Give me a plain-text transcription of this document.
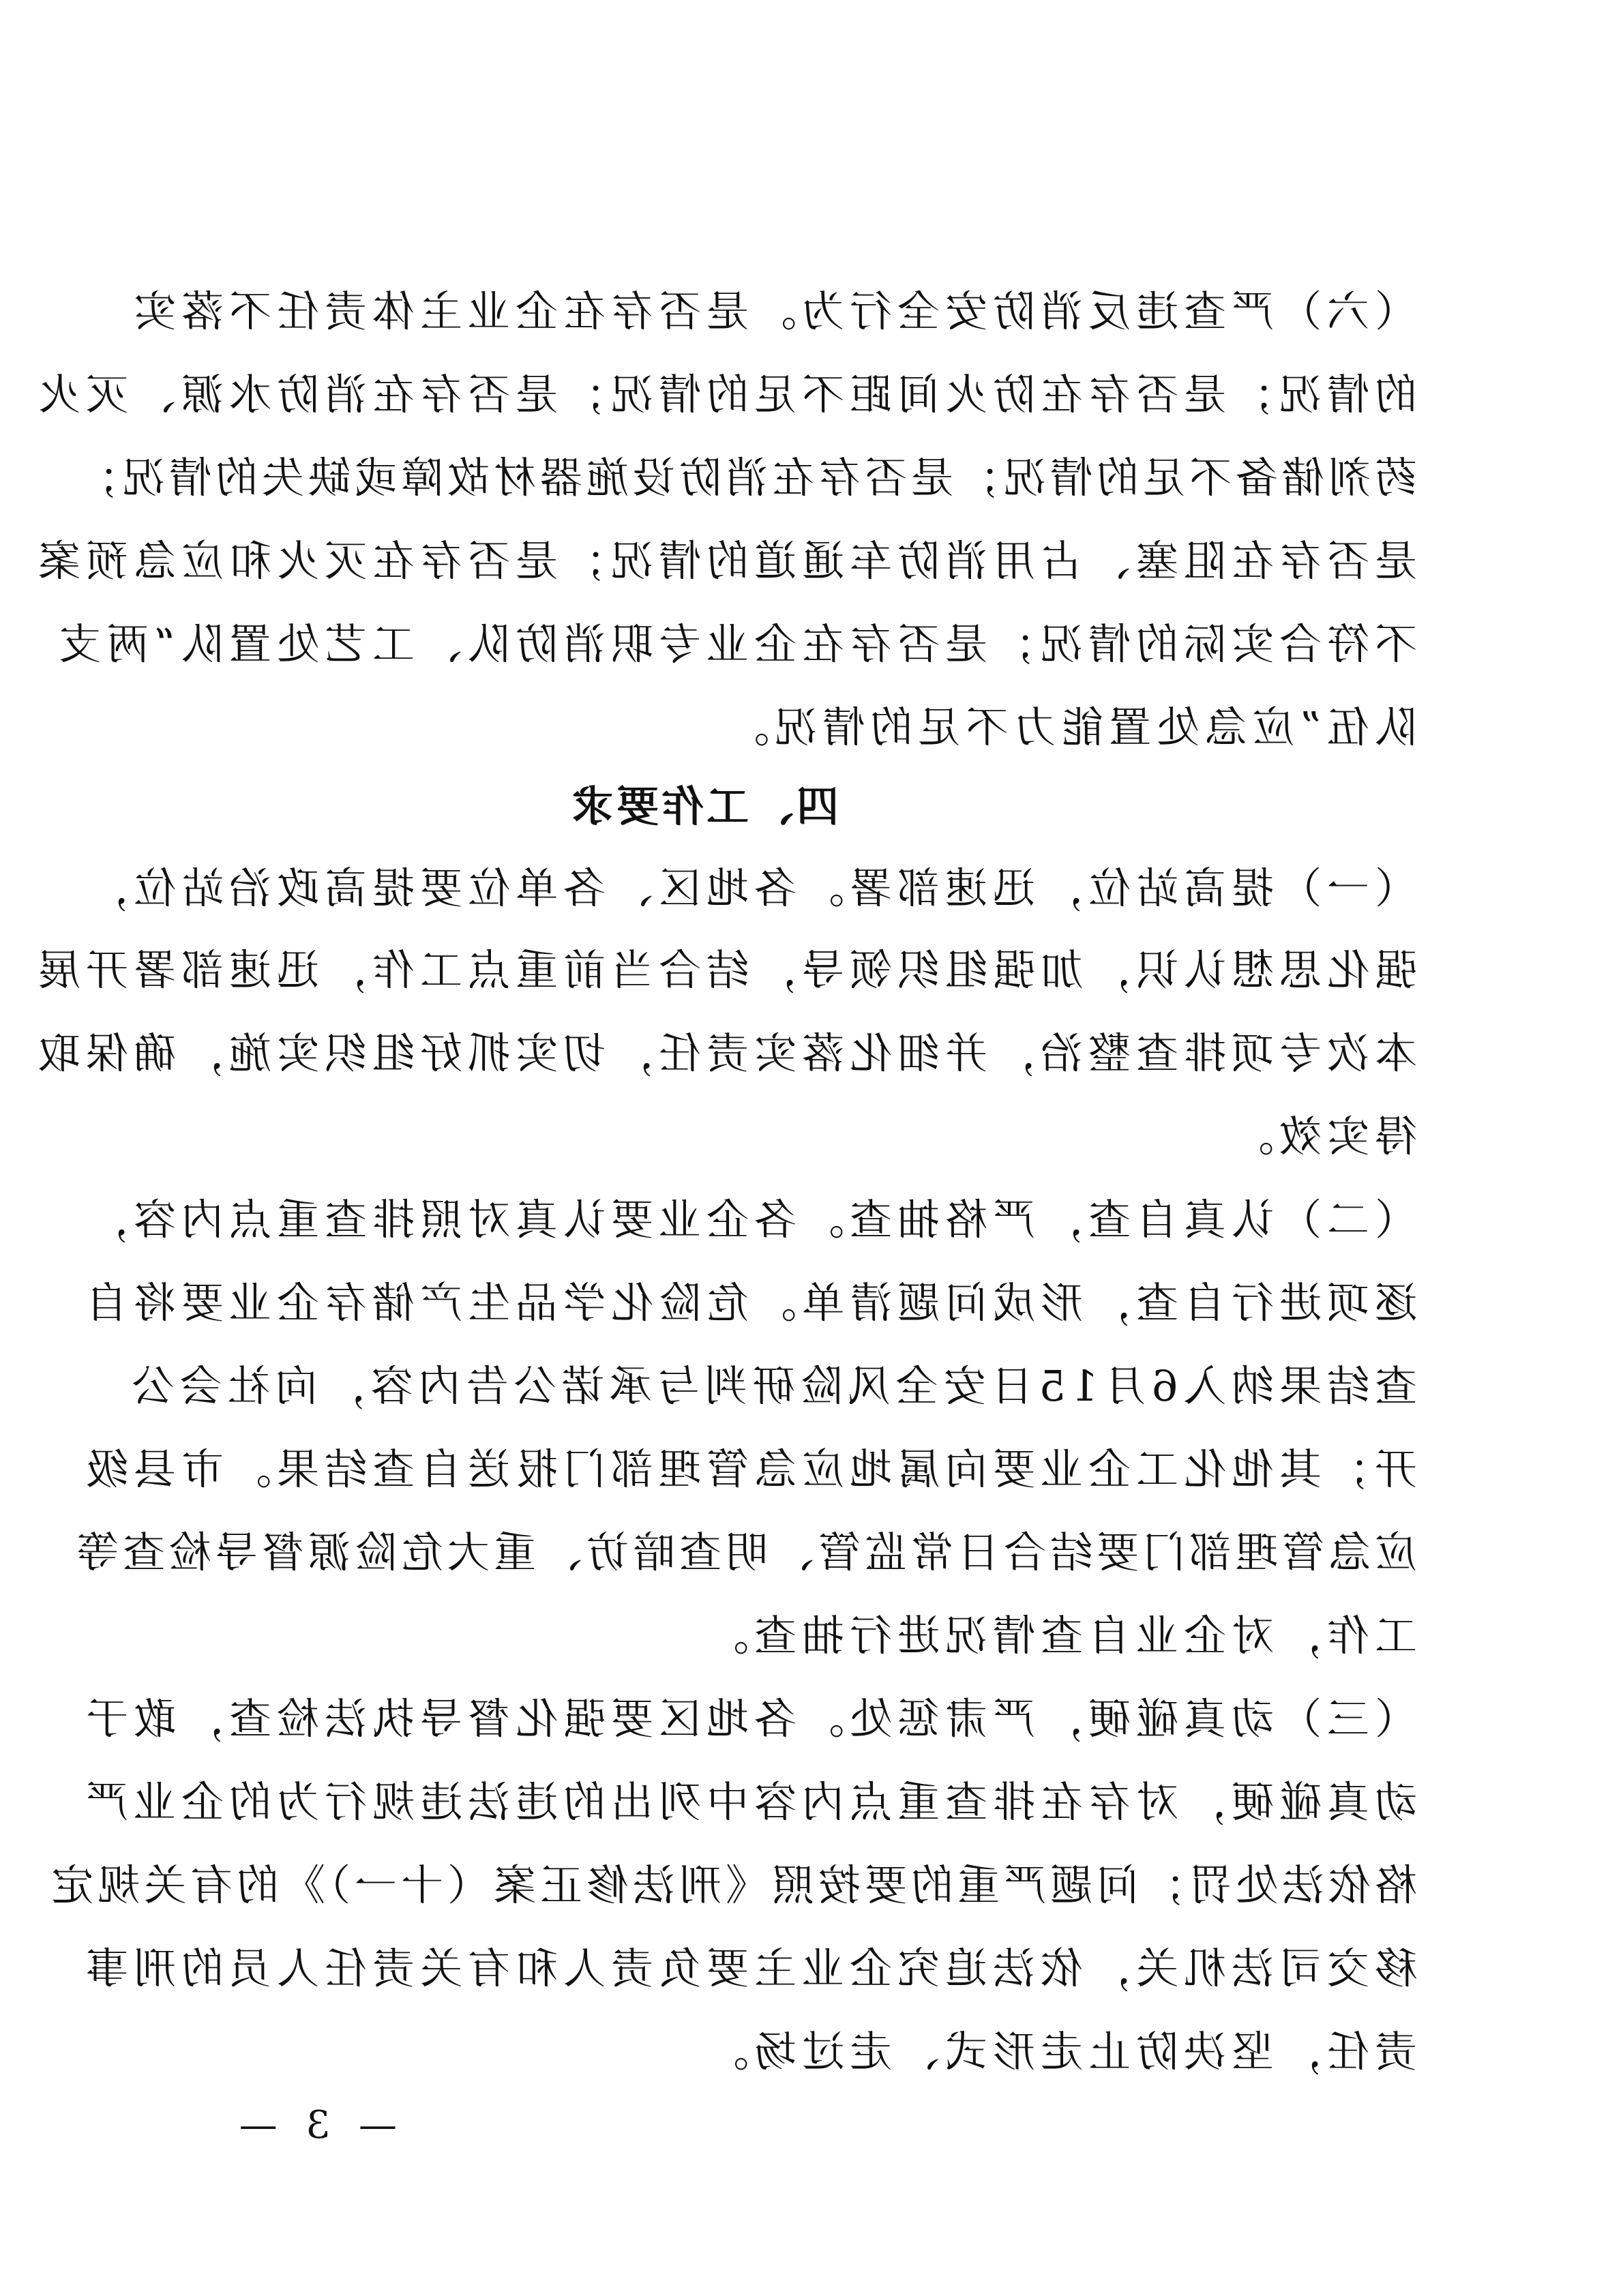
（六）严查违反消防安全行为。是否存在企业主体责任不落实
的情况；是否存在防火间距不足的情况；是否存在消防水源、灭火
药剂储备不足的情况；是否存在消防设施器材故障或缺失的情况；
是否存在阻塞、占用消防车通道的情况；是否存在灭火和应急预案
不符合实际的情况；是否存在企业专职消防队、工艺处置队“两支
队伍”应急处置能力不足的情况。
四、工作要求
（一）提高站位，迅速部署。各地区、各单位要提高政治站位，
强化思想认识，加强组织领导，结合当前重点工作，迅速部署开展
本次专项排查整治，并细化落实责任，切实抓好组织实施，确保取
得实效。
（二）认真自查，严格抽查。各企业要认真对照排查重点内容，
逐项进行自查，形成问题清单。危险化学品生产储存企业要将自
查结果纳入6月15日安全风险研判与承诺公告内容，向社会公
开；其他化工企业要向属地应急管理部门报送自查结果。市县级
应急管理部门要结合日常监管、明查暗访、重大危险源督导检查等
工作，对企业自查情况进行抽查。
（三）动真碰硬，严肃惩处。各地区要强化督导执法检查，敢于
动真碰硬，对存在排查重点内容中列出的违法违规行为的企业严
格依法处罚；问题严重的要按照《刑法修正案（十一）》的有关规定
移交司法机关，依法追究企业主要负责人和有关责任人员的刑事
责任，坚决防止走形式、走过场。
— 3 —
